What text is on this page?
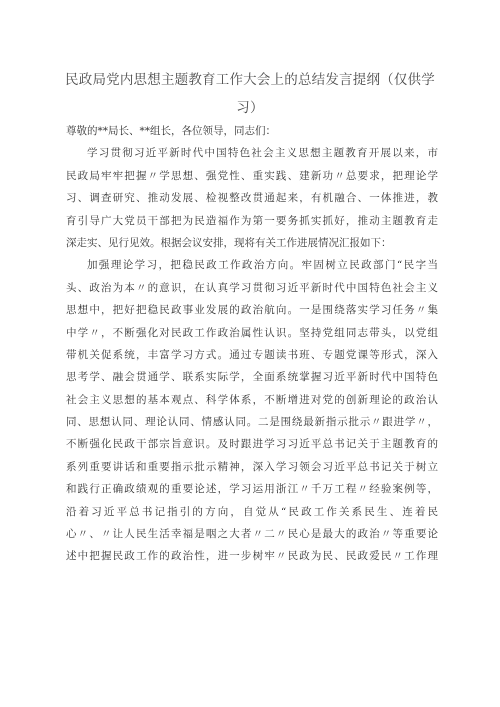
民政局党内思想主题教育工作大会上的总结发言提纲（仅供学
习）
尊敬的**局长、**组长，各位领导，同志们：
学习贯彻习近平新时代中国特色社会主义思想主题教育开展以来，市
民政局牢牢把握〃学思想、强党性、重实践、建新功〃总要求，把理论学
习、调查研究、推动发展、检视整改贯通起来，有机融合、一体推进，教
育引导广大党员干部把为民造福作为第一要务抓实抓好，推动主题教育走
深走实、见行见效。根据会议安排，现将有关工作进展情况汇报如下：
加强理论学习，把稳民政工作政治方向。牢固树立民政部门“民字当
头、政治为本〃的意识，在认真学习贯彻习近平新时代中国特色社会主义
思想中，把好把稳民政事业发展的政治航向。一是围绕落实学习任务〃集
中学〃，不断强化对民政工作政治属性认识。坚持党组同志带头，以党组
带机关促系统，丰富学习方式。通过专题读书班、专题党课等形式，深入
思考学、融会贯通学、联系实际学，全面系统掌握习近平新时代中国特色
社会主义思想的基本观点、科学体系，不断增进对党的创新理论的政治认
同、思想认同、理论认同、情感认同。二是围绕最新指示批示〃跟进学〃，
不断强化民政干部宗旨意识。及时跟进学习习近平总书记关于主题教育的
系列重要讲话和重要指示批示精神，深入学习领会习近平总书记关于树立
和践行正确政绩观的重要论述，学习运用浙江〃千万工程〃经验案例等，
沿着习近平总书记指引的方向，自觉从“民政工作关系民生、连着民
心〃、〃让人民生活幸福是咽之大者〃二〃民心是最大的政治〃等重要论
述中把握民政工作的政治性，进一步树牢〃民政为民、民政爱民〃工作理
